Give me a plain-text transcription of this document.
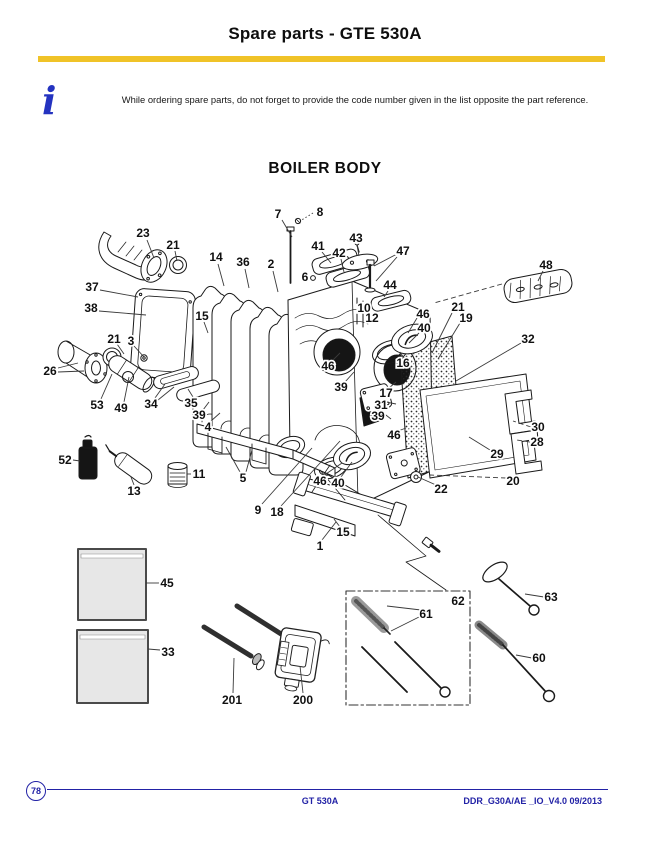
Spare parts - GTE 530A
i	While ordering spare parts, do not forget to provide the code number given in the list opposite the part reference.

BOILER BODY
7	8
23
21
14 36 2
41 42
43
47
44
48
6
37
38
15
10
12	46
40
21
19
32
21 3
26
53 49 34 35
39
4
16
46
39	17
31
39
46
30
28
29
20
22
52
13
11	5
9 18
46 40
15
1
45
33
201	200
62
61
63
60
78
GT 530A	DDR_G30A/AE _IO_V4.0 09/2013
